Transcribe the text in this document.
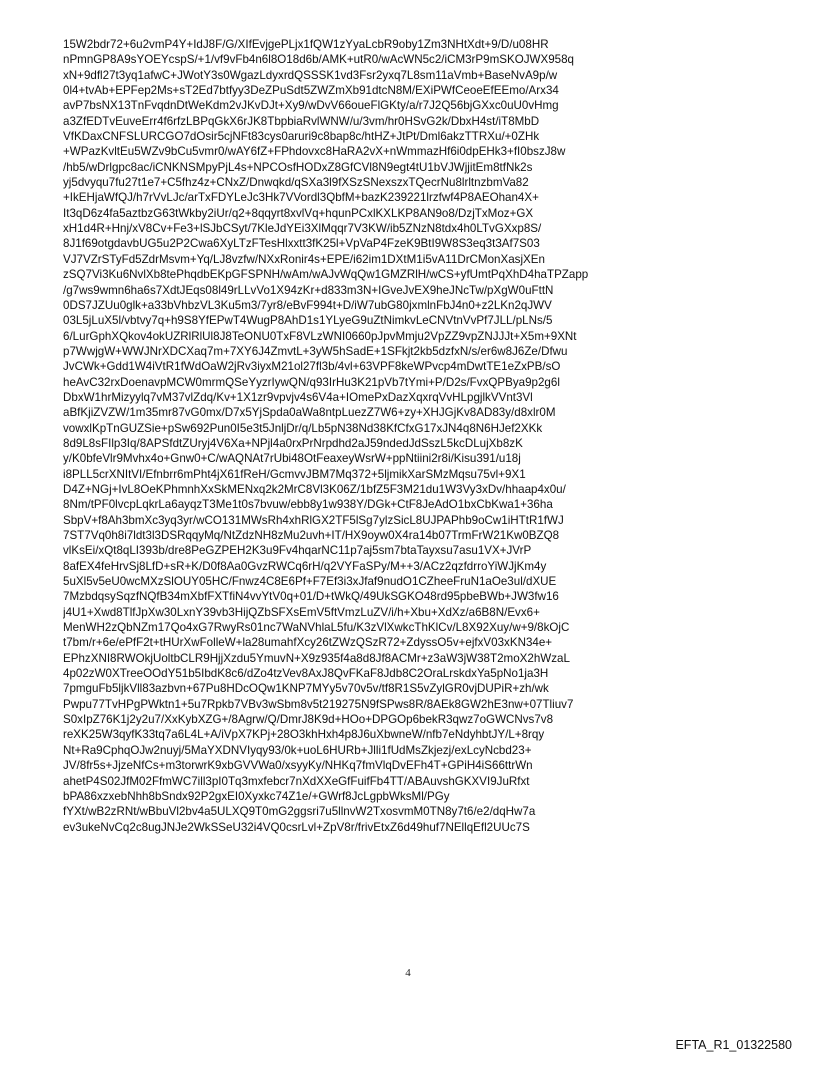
15W2bdr72+6u2vmP4Y+IdJ8F/G/XIfEvjgePLjx1fQW1zYyaLcbR9oby1Zm3NHtXdt+9/D/u08HR
nPmnGP8A9sYOEYcspS/+1/vf9vFb4n6l8O18d6b/AMK+utR0/wAcWN5c2/iCM3rP9mSKOJWX958q
xN+9dfl27t3yq1afwC+JWotY3s0WgazLdyxrdQSSSK1vd3Fsr2yxq7L8sm11aVmb+BaseNvA9p/w
0l4+tvAb+EPFep2Ms+sT2Ed7btfyy3DeZPuSdt5ZWZmXb91dtcN8M/EXiPWfCeoeEfEEmo/Arx34
avP7bsNX13TnFvqdnDtWeKdm2vJKvDJt+Xy9/wDvV66oueFlGKty/a/r7J2Q56bjGXxc0uU0vHmg
a3ZfEDTvEuveErr4f6rfzLBPqGkX6rJK8TbpbiaRvlWNW/u/3vm/hr0HSvG2k/DbxH4st/iT8MbD
VfKDaxCNFSLURCGO7dOsir5cjNFt83cys0aruri9c8bap8c/htHZ+JtPt/Dml6akzTTRXu/+0ZHk
+WPazKvltEu5WZv9bCu5vmr0/wAY6fZ+FPhdovxc8HaRA2vX+nWmmazHf6i0dpEHk3+fI0bszJ8w
/hb5/wDrlgpc8ac/iCNKNSMpyPjL4s+NPCOsfHODxZ8GfCVl8N9egt4tU1bVJWjjitEm8tfNk2s
yj5dvyqu7fu27t1e7+C5fhz4z+CNxZ/Dnwqkd/qSXa3l9fXSzSNexszxTQecrNu8lrltnzbmVa82
+IkEHjaWfQJ/h7rVvLJc/arTxFDYLeJc3Hk7VVordl3QbfM+bazK239221lrzfwf4P8AEOhan4X+
It3qD6z4fa5aztbzG63tWkby2iUr/q2+8qqyrt8xvlVq+hqunPCxlKXLKP8AN9o8/DzjTxMoz+GX
xH1d4R+Hnj/xV8Cv+Fe3+lSJbCSyt/7KleJdYEi3XlMqqr7V3KW/ib5ZNzN8tdx4h0LTvGXxp8S/
8J1f69otgdavbUG5u2P2Cwa6XyLTzFTesHlxxtt3fK25l+VpVaP4FzeK9BtI9W8S3eq3t3Af7S03
VJ7VZrSTyFd5ZdrMsvm+Yq/LJ8vzfw/NXxRonir4s+EPE/i62im1DXtM1i5vA11DrCMonXasjXEn
zSQ7Vi3Ku6NvlXb8tePhqdbEKpGFSPNH/wAm/wAJvWqQw1GMZRlH/wCS+yfUmtPqXhD4haTPZapp
/g7ws9wmn6ha6s7XdtJEqs08l49rLLvVo1X94zKr+d833m3N+IGveJvEX9heJNcTw/pXgW0uFttN
0DS7JZUu0glk+a33bVhbzVL3Ku5m3/7yr8/eBvF994t+D/iW7ubG80jxmlnFbJ4n0+z2LKn2qJWV
03L5jLuX5l/vbtvy7q+h9S8YfEPwT4WugP8AhD1s1YLyeG9uZtNimkvLeCNVtnVvPf7JLL/pLNs/5
6/LurGphXQkov4okUZRlRlUl8J8TeONU0TxF8VLzWNI0660pJpvMmju2VpZZ9vpZNJJJt+X5m+9XNt
p7WwjgW+WWJNrXDCXaq7m+7XY6J4ZmvtL+3yW5hSadE+1SFkjt2kb5dzfxN/s/er6w8J6Ze/Dfwu
JvCWk+Gdd1W4iVtR1fWdOaW2jRv3iyxM21ol27fl3b/4vl+63VPF8keWPvcp4mDwtTE1eZxPB/sO
heAvC32rxDoenavpMCW0mrmQSeYyzrIywQN/q93IrHu3K21pVb7tYmi+P/D2s/FvxQPBya9p2g6l
DbxW1hrMizyylq7vM37vlZdq/Kv+1X1zr9vpvjv4s6V4a+IOmePxDazXqxrqVvHLpgjlkVVnt3Vl
aBfKjiZVZW/1m35mr87vG0mx/D7x5YjSpda0aWa8ntpLuezZ7W6+zy+XHJGjKv8AD83y/d8xlr0M
vowxlKpTnGUZSie+pSw692Pun0I5e3t5JnljDr/q/Lb5pN38Nd38KfCfxG17xJN4q8N6HJef2XKk
8d9L8sFIlp3Iq/8APSfdtZUryj4V6Xa+NPjl4a0rxPrNrpdhd2aJ59ndedJdSszL5kcDLujXb8zK
y/K0bfeVlr9Mvhx4o+Gnw0+C/wAQNAt7rUbi48OtFeaxeyWsrW+ppNtiini2r8i/Kisu391/u18j
i8PLL5crXNItVI/Efnbrr6mPht4jX61fReH/GcmvvJBM7Mq372+5ljmikXarSMzMqsu75vl+9X1
D4Z+NGj+IvL8OeKPhmnhXxSkMENxq2k2MrC8Vl3K06Z/1bfZ5F3M21du1W3Vy3xDv/hhaap4x0u/
8Nm/tPF0lvcpLqkrLa6ayqzT3Me1t0s7bvuw/ebb8y1w938Y/DGk+CtF8JeAdO1bxCbKwa1+36ha
SbpV+f8Ah3bmXc3yq3yr/wCO131MWsRh4xhRlGX2TF5lSg7ylzSicL8UJPAPhb9oCw1iHTtR1fWJ
7ST7Vq0h8i7ldt3l3DSRqqyMq/NtZdzNH8zMu2uvh+IT/HX9oyw0X4ra14b07TrmFrW21Kw0BZQ8
vlKsEi/xQt8qLI393b/dre8PeGZPEH2K3u9Fv4hqarNC11p7aj5sm7btaTayxsu7asu1VX+JVrP
8afEX4feHrvSj8LfD+sR+K/D0f8Aa0GvzRWCq6rH/q2VYFaSPy/M++3/ACz2qzfdrroYiWJjKm4y
5uXl5v5eU0wcMXzSlOUY05HC/Fnwz4C8E6Pf+F7Ef3i3xJfaf9nudO1CZheeFruN1aOe3ul/dXUE
7MzbdqsySqzfNQfB34mXbfFXTfiN4vvYtV0q+01/D+tWkQ/49UkSGKO48rd95pbeBWb+JW3fw16
j4U1+Xwd8TlfJpXw30LxnY39vb3HijQZbSFXsEmV5ftVmzLuZV/i/h+Xbu+XdXz/a6B8N/Evx6+
MenWH2zQbNZm17Qo4xG7RwyRs01nc7WaNVhlaL5fu/K3zVlXwkcThKlCv/L8X92Xuy/w+9/8kOjC
t7bm/r+6e/ePfF2t+tHUrXwFolleW+la28umahfXcy26tZWzQSzR72+ZdyssO5v+ejfxV03xKN34e+
EPhzXNI8RWOkjUoltbCLR9HjjXzdu5YmuvN+X9z935f4a8d8Jf8ACMr+z3aW3jW38T2moX2hWzaL
4p02zW0XTreeOOdY51b5IbdK8c6/dZo4tzVev8AxJ8QvFKaF8Jdb8C2OraLrskdxYa5pNo1ja3H
7pmguFb5ljkVll83azbvn+67Pu8HDcOQw1KNP7MYy5v70v5v/tf8R1S5vZylGR0vjDUPiR+zh/wk
Pwpu77TvHPgPWktn1+5u7Rpkb7VBv3wSbm8v5t219275N9fSPws8R/8AEk8GW2hE3nw+07Tliuv7
S0xIpZ76K1j2y2u7/XxKybXZG+/8Agrw/Q/DmrJ8K9d+HOo+DPGOp6bekR3qwz7oGWCNvs7v8
reXK25W3qyfK33tq7a6L4L+A/iVpX7KPj+28O3khHxh4p8J6uXbwneW/nfb7eNdyhbtJY/L+8rqy
Nt+Ra9CphqOJw2nuyj/5MaYXDNVIyqy93/0k+uoL6HURb+Jlli1fUdMsZkjezj/exLcyNcbd23+
JV/8fr5s+JjzeNfCs+m3torwrK9xbGVVWa0/xsyyKy/NHKq7fmVlqDvEFh4T+GPiH4iS66ttrWn
ahetP4S02JfM02FfmWC7ill3pI0Tq3mxfebcr7nXdXXeGfFuifFb4TT/ABAuvshGKXVI9JuRfxt
bPA86xzxebNhh8bSndx92P2gxEI0Xyxkc74Z1e/+GWrf8JcLgpbWksMl/PGy
fYXt/wB2zRNt/wBbuVl2bv4a5ULXQ9T0mG2ggsri7u5llnvW2TxosvmM0TN8y7t6/e2/dqHw7a
ev3ukeNvCq2c8ugJNJe2WkSSeU32i4VQ0csrLvl+ZpV8r/frivEtxZ6d49huf7NEllqEfl2UUc7S
4
EFTA_R1_01322580
